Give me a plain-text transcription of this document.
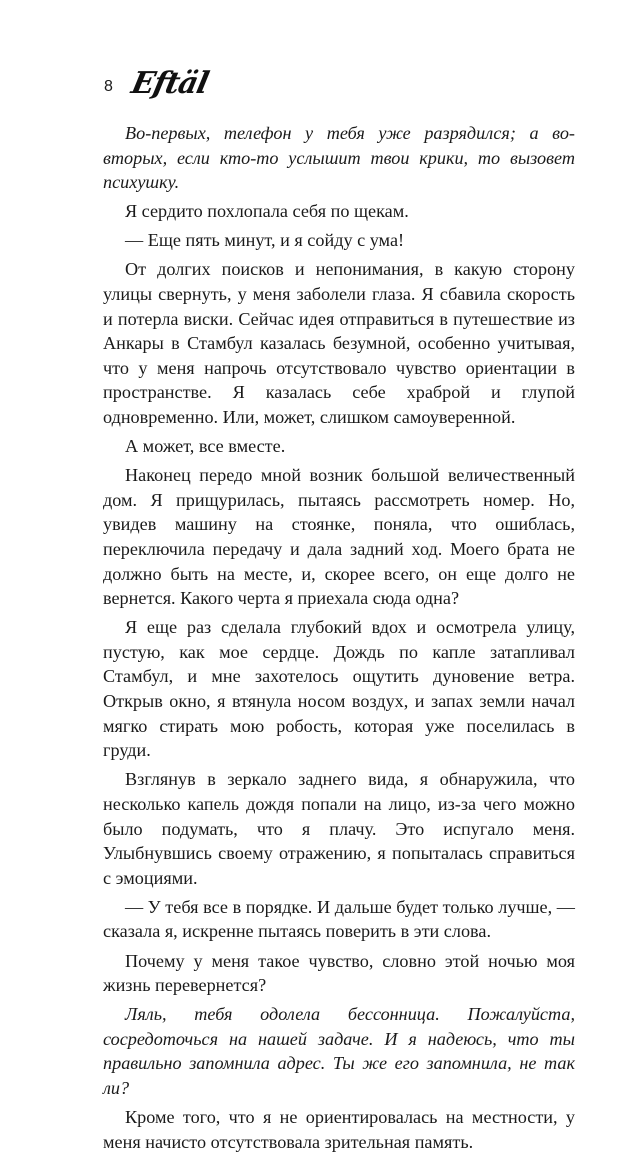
8 Eftäl

Во-первых, телефон у тебя уже разрядился; а во-вторых, если кто-то услышит твои крики, то вызовет психушку.

Я сердито похлопала себя по щекам.

— Еще пять минут, и я сойду с ума!

От долгих поисков и непонимания, в какую сторону улицы свернуть, у меня заболели глаза. Я сбавила скорость и потерла виски. Сейчас идея отправиться в путешествие из Анкары в Стамбул казалась безумной, особенно учитывая, что у меня напрочь отсутствовало чувство ориентации в пространстве. Я казалась себе храброй и глупой одновременно. Или, может, слишком самоуверенной.

А может, все вместе.

Наконец передо мной возник большой величественный дом. Я прищурилась, пытаясь рассмотреть номер. Но, увидев машину на стоянке, поняла, что ошиблась, переключила передачу и дала задний ход. Моего брата не должно быть на месте, и, скорее всего, он еще долго не вернется. Какого черта я приехала сюда одна?

Я еще раз сделала глубокий вдох и осмотрела улицу, пустую, как мое сердце. Дождь по капле затапливал Стамбул, и мне захотелось ощутить дуновение ветра. Открыв окно, я втянула носом воздух, и запах земли начал мягко стирать мою робость, которая уже поселилась в груди.

Взглянув в зеркало заднего вида, я обнаружила, что несколько капель дождя попали на лицо, из-за чего можно было подумать, что я плачу. Это испугало меня. Улыбнувшись своему отражению, я попыталась справиться с эмоциями.

— У тебя все в порядке. И дальше будет только лучше, — сказала я, искренне пытаясь поверить в эти слова.

Почему у меня такое чувство, словно этой ночью моя жизнь перевернется?

Ляль, тебя одолела бессонница. Пожалуйста, сосредоточься на нашей задаче. И я надеюсь, что ты правильно запомнила адрес. Ты же его запомнила, не так ли?

Кроме того, что я не ориентировалась на местности, у меня начисто отсутствовала зрительная память.
